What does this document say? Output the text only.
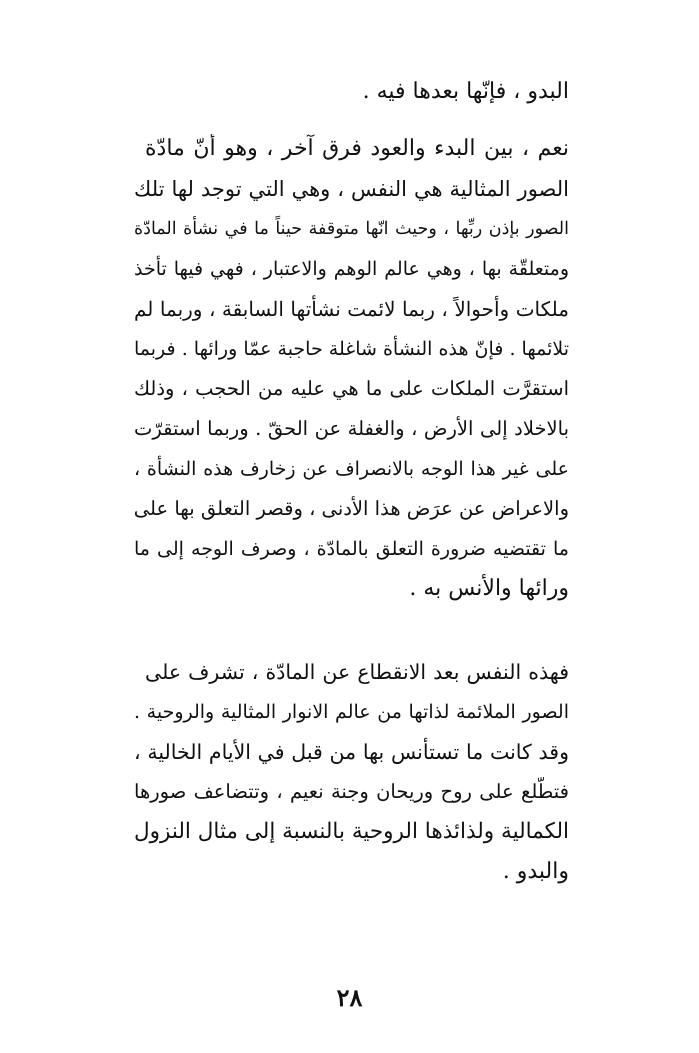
البدو ، فإنّها بعدها فيه .
نعم ، بين البدء والعود فرق آخر ، وهو أنّ مادّة
الصور المثالية هي النفس ، وهي التي توجد لها تلك
الصور بإذن ربِّها ، وحيث انّها متوقفة حيناً ما في نشأة المادّة
ومتعلقّة بها ، وهي عالم الوهم والاعتبار ، فهي فيها تأخذ
ملكات وأحوالاً ، ربما لائمت نشأتها السابقة ، وربما لم
تلائمها . فإنّ هذه النشأة شاغلة حاجبة عمّا ورائها . فربما
استقرَّت الملكات على ما هي عليه من الحجب ، وذلك
بالاخلاد إلى الأرض ، والغفلة عن الحقّ . وربما استقرّت
على غير هذا الوجه بالانصراف عن زخارف هذه النشأة ،
والاعراض عن عرَض هذا الأدنى ، وقصر التعلق بها على
ما تقتضيه ضرورة التعلق بالمادّة ، وصرف الوجه إلى ما
ورائها والأنس به .
فهذه النفس بعد الانقطاع عن المادّة ، تشرف على
الصور الملائمة لذاتها من عالم الانوار المثالية والروحية .
وقد كانت ما تستأنس بها من قبل في الأيام الخالية ،
فتطّلع على روح وريحان وجنة نعيم ، وتتضاعف صورها
الكمالية ولذائذها الروحية بالنسبة إلى مثال النزول
والبدو .
٢٨
